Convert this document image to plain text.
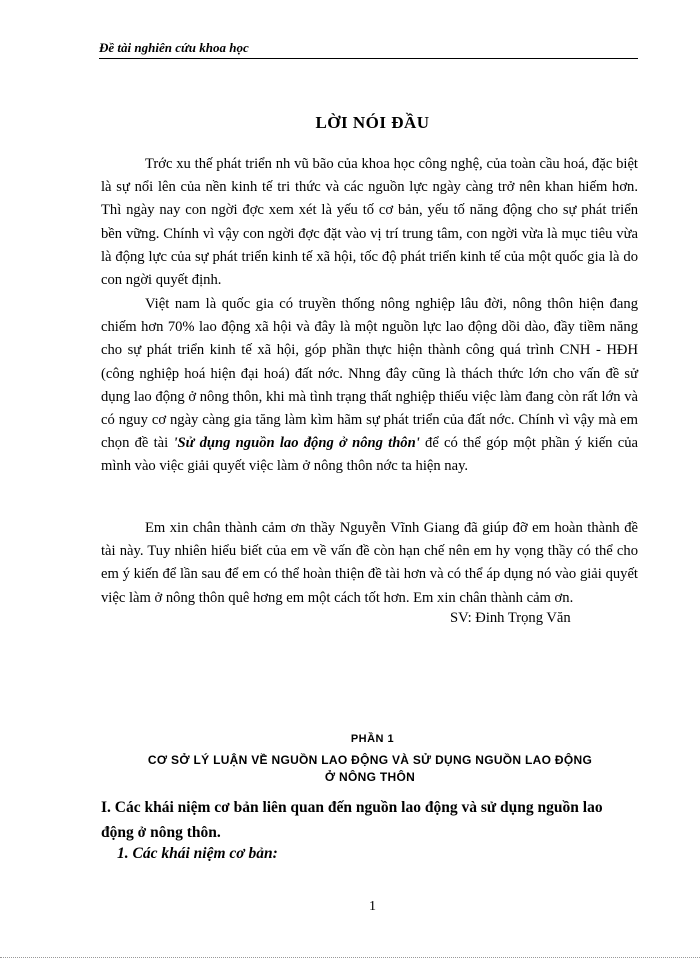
Đề tài nghiên cứu khoa học
LỜI NÓI ĐẦU

Trớc xu thế phát triển nh vũ bão của khoa học công nghệ, của toàn cầu hoá, đặc biệt là sự nổi lên của nền kinh tế tri thức và các nguồn lực ngày càng trở nên khan hiếm hơn. Thì ngày nay con ngời đợc xem xét là yếu tố cơ bản, yếu tố năng động cho sự phát triển bền vững. Chính vì vậy con ngời đợc đặt vào vị trí trung tâm, con ngời vừa là mục tiêu vừa là động lực của sự phát triển kinh tế xã hội, tốc độ phát triển kinh tế của một quốc gia là do con ngời quyết định.

Việt nam là quốc gia có truyền thống nông nghiệp lâu đời, nông thôn hiện đang chiếm hơn 70% lao động xã hội và đây là một nguồn lực lao động dồi dào, đầy tiềm năng cho sự phát triển kinh tế xã hội, góp phần thực hiện thành công quá trình CNH - HĐH (công nghiệp hoá hiện đại hoá) đất nớc. Nhng đây cũng là thách thức lớn cho vấn đề sử dụng lao động ở nông thôn, khi mà tình trạng thất nghiệp thiếu việc làm đang còn rất lớn và có nguy cơ ngày càng gia tăng làm kìm hãm sự phát triển của đất nớc. Chính vì vậy mà em chọn đề tài 'Sử dụng nguồn lao động ở nông thôn' để có thể góp một phần ý kiến của mình vào việc giải quyết việc làm ở nông thôn nớc ta hiện nay.

Em xin chân thành cảm ơn thầy Nguyễn Vĩnh Giang đã giúp đỡ em hoàn thành đề tài này. Tuy nhiên hiểu biết của em về vấn đề còn hạn chế nên em hy vọng thầy có thể cho em ý kiến để lần sau để em có thể hoàn thiện đề tài hơn và có thể áp dụng nó vào giải quyết việc làm ở nông thôn quê hơng em một cách tốt hơn. Em xin chân thành cảm ơn.

SV: Đinh Trọng Văn
PHẦN 1
CƠ SỞ LÝ LUẬN VỀ NGUỒN LAO ĐỘNG VÀ SỬ DỤNG NGUỒN LAO ĐỘNG
Ở NÔNG THÔN

I. Các khái niệm cơ bản liên quan đến nguồn lao động và sử dụng nguồn lao động ở nông thôn.

1. Các khái niệm cơ bản:
1
